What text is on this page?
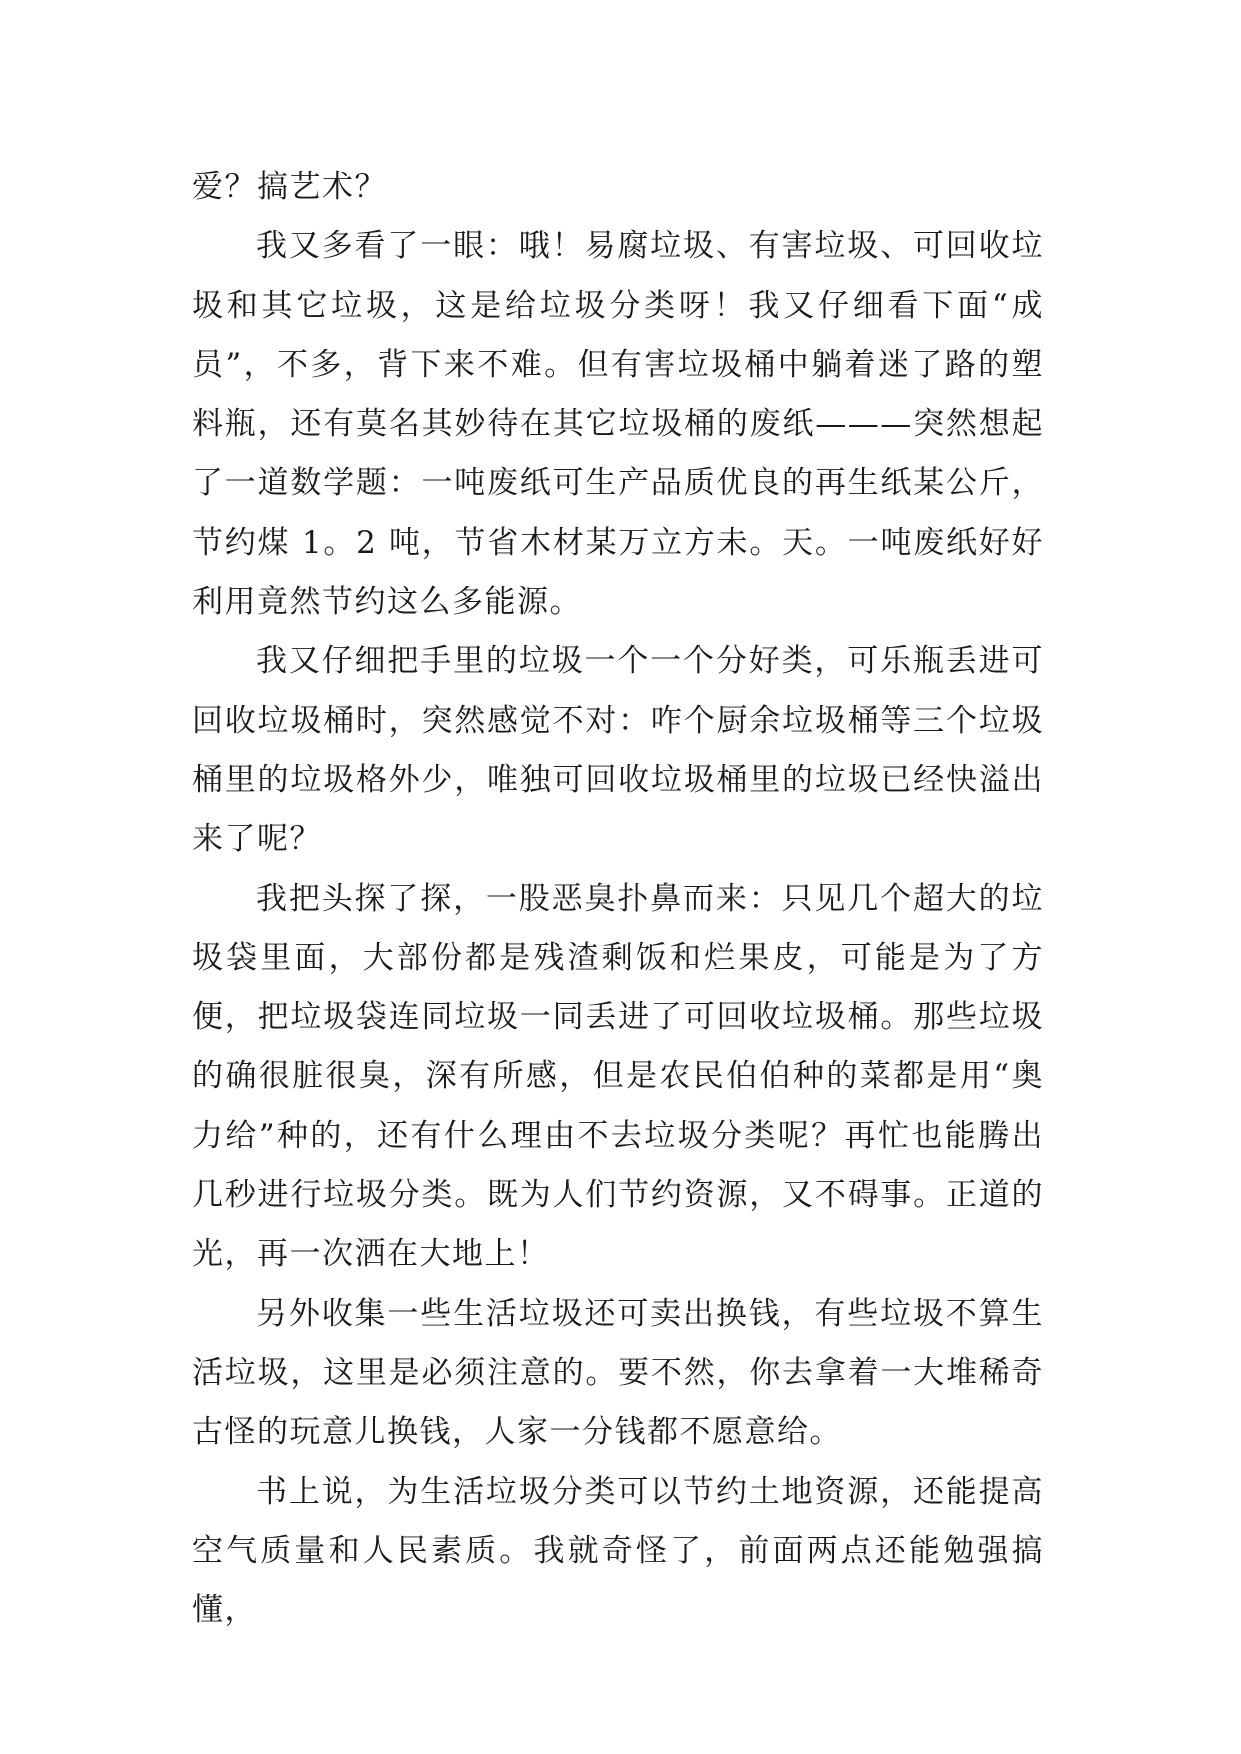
爱？搞艺术？

我又多看了一眼：哦！易腐垃圾、有害垃圾、可回收垃圾和其它垃圾，这是给垃圾分类呀！我又仔细看下面“成员”，不多，背下来不难。但有害垃圾桶中躺着迷了路的塑料瓶，还有莫名其妙待在其它垃圾桶的废纸———突然想起了一道数学题：一吨废纸可生产品质优良的再生纸某公斤，节约煤 1。2 吨，节省木材某万立方未。天。一吨废纸好好利用竟然节约这么多能源。

我又仔细把手里的垃圾一个一个分好类，可乐瓶丢进可回收垃圾桶时，突然感觉不对：咋个厨余垃圾桶等三个垃圾桶里的垃圾格外少，唯独可回收垃圾桶里的垃圾已经快溢出来了呢？

我把头探了探，一股恶臭扑鼻而来：只见几个超大的垃圾袋里面，大部份都是残渣剩饭和烂果皮，可能是为了方便，把垃圾袋连同垃圾一同丢进了可回收垃圾桶。那些垃圾的确很脏很臭，深有所感，但是农民伯伯种的菜都是用“奥力给”种的，还有什么理由不去垃圾分类呢？再忙也能腾出几秒进行垃圾分类。既为人们节约资源，又不碍事。正道的光，再一次洒在大地上！

另外收集一些生活垃圾还可卖出换钱，有些垃圾不算生活垃圾，这里是必须注意的。要不然，你去拿着一大堆稀奇古怪的玩意儿换钱，人家一分钱都不愿意给。

书上说，为生活垃圾分类可以节约土地资源，还能提高空气质量和人民素质。我就奇怪了，前面两点还能勉强搞懂，
